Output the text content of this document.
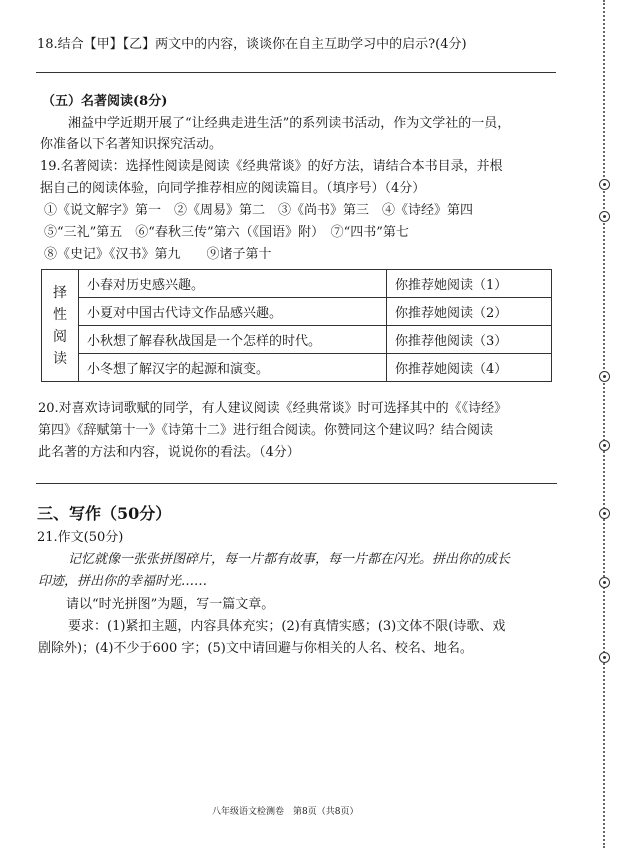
18.结合【甲】【乙】两文中的内容，谈谈你在自主互助学习中的启示?(4分)
（五）名著阅读(8分)
湘益中学近期开展了“让经典走进生活”的系列读书活动，作为文学社的一员，
你准备以下名著知识探究活动。
19.名著阅读：选择性阅读是阅读《经典常谈》的好方法，请结合本书目录，并根
据自己的阅读体验，向同学推荐相应的阅读篇目。（填序号）（4分）
①《说文解字》第一　②《周易》第二　③《尚书》第三　④《诗经》第四
⑤“三礼”第五　⑥“春秋三传”第六（《国语》附）　⑦“四书”第七
⑧《史记》《汉书》第九　　⑨诸子第十
择性阅读	小春对历史感兴趣。	你推荐她阅读（1）
	小夏对中国古代诗文作品感兴趣。	你推荐她阅读（2）
	小秋想了解春秋战国是一个怎样的时代。	你推荐他阅读（3）
	小冬想了解汉字的起源和演变。	你推荐她阅读（4）
20.对喜欢诗词歌赋的同学，有人建议阅读《经典常谈》时可选择其中的《《诗经》
第四》《辞赋第十一》《诗第十二》进行组合阅读。你赞同这个建议吗？结合阅读
此名著的方法和内容，说说你的看法。（4分）
三、写作（50分）
21.作文(50分)
记忆就像一张张拼图碎片，每一片都有故事，每一片都在闪光。拼出你的成长
印迹，拼出你的幸福时光……
请以“时光拼图”为题，写一篇文章。
要求：(1)紧扣主题，内容具体充实；(2)有真情实感；(3)文体不限(诗歌、戏
剧除外)；(4)不少于600 字；(5)文中请回避与你相关的人名、校名、地名。
八年级语文检测卷　第8页（共8页）
